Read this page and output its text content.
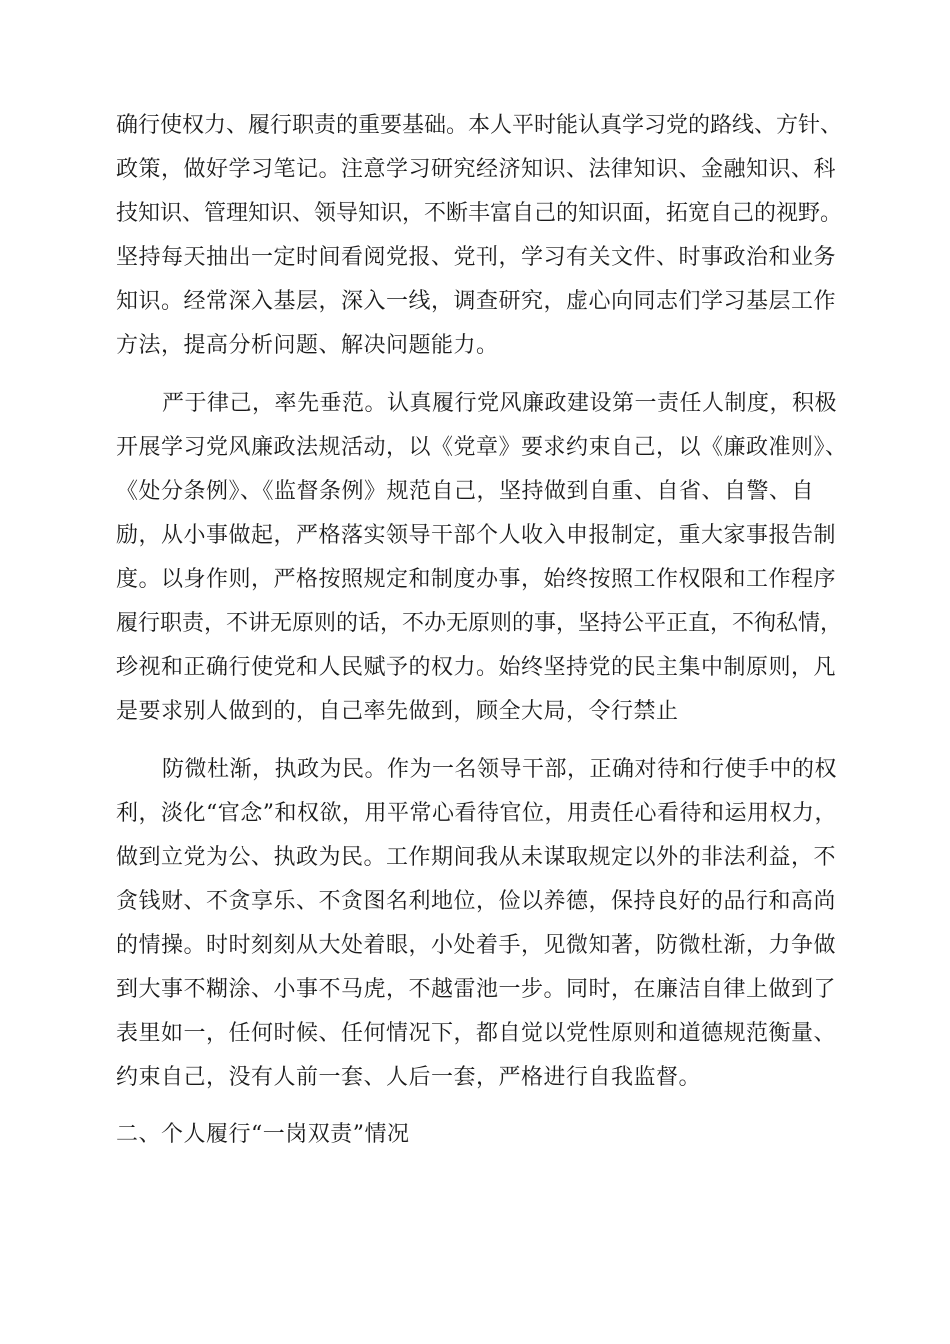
确行使权力、履行职责的重要基础。本人平时能认真学习党的路线、方针、
政策，做好学习笔记。注意学习研究经济知识、法律知识、金融知识、科
技知识、管理知识、领导知识，不断丰富自己的知识面，拓宽自己的视野。
坚持每天抽出一定时间看阅党报、党刊，学习有关文件、时事政治和业务
知识。经常深入基层，深入一线，调查研究，虚心向同志们学习基层工作
方法，提高分析问题、解决问题能力。
严于律己，率先垂范。认真履行党风廉政建设第一责任人制度，积极
开展学习党风廉政法规活动，以《党章》要求约束自己，以《廉政准则》、
《处分条例》、《监督条例》规范自己，坚持做到自重、自省、自警、自
励，从小事做起，严格落实领导干部个人收入申报制定，重大家事报告制
度。以身作则，严格按照规定和制度办事，始终按照工作权限和工作程序
履行职责，不讲无原则的话，不办无原则的事，坚持公平正直，不徇私情，
珍视和正确行使党和人民赋予的权力。始终坚持党的民主集中制原则，凡
是要求别人做到的，自己率先做到，顾全大局，令行禁止
防微杜渐，执政为民。作为一名领导干部，正确对待和行使手中的权
利，淡化“官念”和权欲，用平常心看待官位，用责任心看待和运用权力，
做到立党为公、执政为民。工作期间我从未谋取规定以外的非法利益，不
贪钱财、不贪享乐、不贪图名利地位，俭以养德，保持良好的品行和高尚
的情操。时时刻刻从大处着眼，小处着手，见微知著，防微杜渐，力争做
到大事不糊涂、小事不马虎，不越雷池一步。同时，在廉洁自律上做到了
表里如一，任何时候、任何情况下，都自觉以党性原则和道德规范衡量、
约束自己，没有人前一套、人后一套，严格进行自我监督。
二、个人履行“一岗双责”情况
